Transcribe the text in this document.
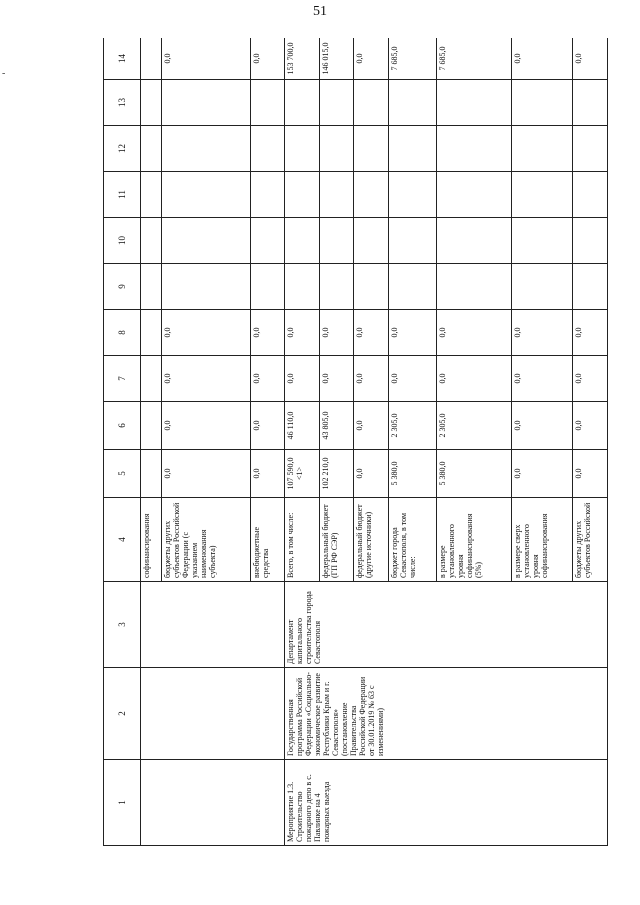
51
-
1	2	3	4	5	6	7	8	9	10	11	12	13	14
			софинансирования										
			бюджеты других субъектов Российской Федерации (с указанием наименования субъекта)	0,0	0,0	0,0	0,0						0,0
			внебюджетные средства	0,0	0,0	0,0	0,0						0,0
Мероприятие 1.3. Строительство пожарного депо в с. Павлинке на 4 пожарных выезда	Государственная программа Российской Федерации «Социально-экономическое развитие Республики Крым и г. Севастополя» (постановление Правительства Российской Федерации от 30.01.2019 № 63 с изменениями)	Департамент капитального строительства города Севастополя	Всего, в том числе:	107 590,0 <1>	46 110,0	0,0	0,0						153 700,0
			федеральный бюджет (ГП РФ СЭР)	102 210,0	43 805,0	0,0	0,0						146 015,0
			федеральный бюджет (другие источники)	0,0	0,0	0,0	0,0						0,0
			бюджет города Севастополя, в том числе:	5 380,0	2 305,0	0,0	0,0						7 685,0
			в размере установленного уровня софинансирования (5%)	5 380,0	2 305,0	0,0	0,0						7 685,0
			в размере сверх установленного уровня софинансирования	0,0	0,0	0,0	0,0						0,0
			бюджеты других субъектов Российской	0,0	0,0	0,0	0,0						0,0
